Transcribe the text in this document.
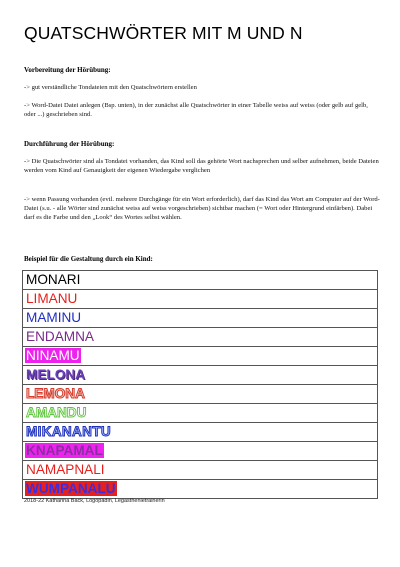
QUATSCHWÖRTER MIT M UND N
Vorbereitung der Hörübung:
-> gut verständliche Tondateien mit den Quatschwörtern erstellen
-> Word-Datei Datei anlegen (Bsp. unten), in der zunächst alle Quatschwörter in einer Tabelle weiss auf weiss (oder gelb auf gelb, oder ...) geschrieben sind.
Durchführung der Hörübung:
-> Die Quatschwörter sind als Tondatei vorhanden, das Kind soll das gehörte Wort nachsprechen und selber aufnehmen, beide Dateien werden vom Kind auf Genauigkeit der eigenen Wiedergabe verglichen
-> wenn Passung vorhanden (evtl. mehrere Durchgänge für ein Wort erforderlich), darf das Kind das Wort am Computer auf der Word-Datei (s.u. - alle Wörter sind zunächst weiss auf weiss vorgeschrieben) sichtbar machen (= Wort oder Hintergrund einfärben). Dabei darf es die Farbe und den „Look“ des Wortes selbst wählen.
Beispiel für die Gestaltung durch ein Kind:
MONARI
LIMANU
MAMINU
ENDAMNA
NINAMU
MELONA
LEMONA
AMANDU
MIKANANTU
KNAPAMAL
NAMAPNALI
WUMPANALU
2018-22 Katharina Back, Logopädin, Legasthenietrainerin
